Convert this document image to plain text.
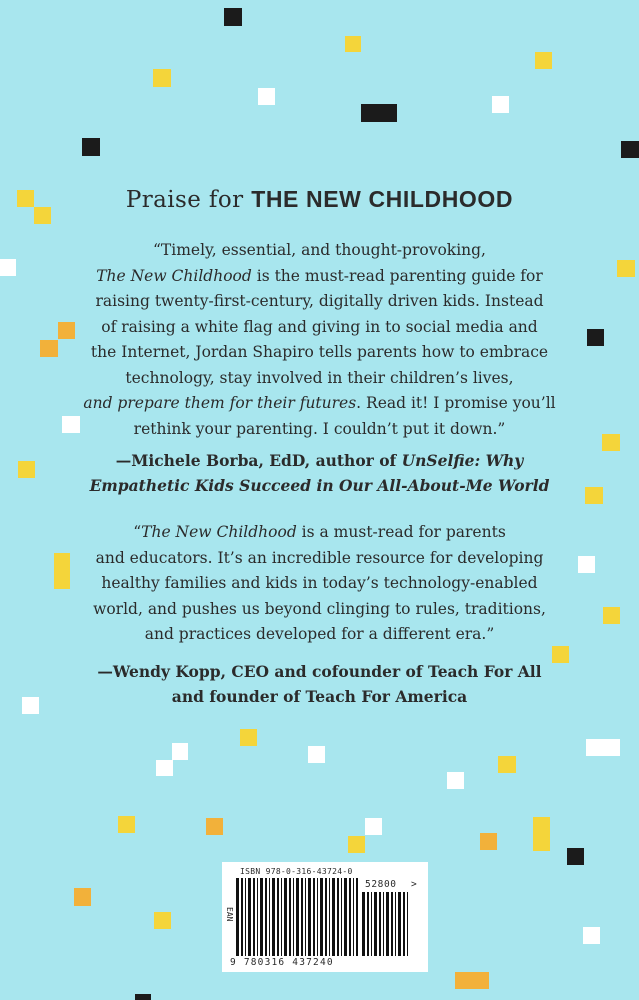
Praise for THE NEW CHILDHOOD

“Timely, essential, and thought-provoking,

The New Childhood is the must-read parenting guide for

raising twenty-first-century, digitally driven kids. Instead

of raising a white flag and giving in to social media and

the Internet, Jordan Shapiro tells parents how to embrace

technology, stay involved in their children’s lives,

and prepare them for their futures. Read it! I promise you’ll

rethink your parenting. I couldn’t put it down.”

—Michele Borba, EdD, author of UnSelfie: Why

Empathetic Kids Succeed in Our All-About-Me World

“The New Childhood is a must-read for parents

and educators. It’s an incredible resource for developing

healthy families and kids in today’s technology-enabled

world, and pushes us beyond clinging to rules, traditions,

and practices developed for a different era.”

—Wendy Kopp, CEO and cofounder of Teach For All

and founder of Teach For America

ISBN 978-0-316-43724-0
EAN
52800 >
9 780316 437240
